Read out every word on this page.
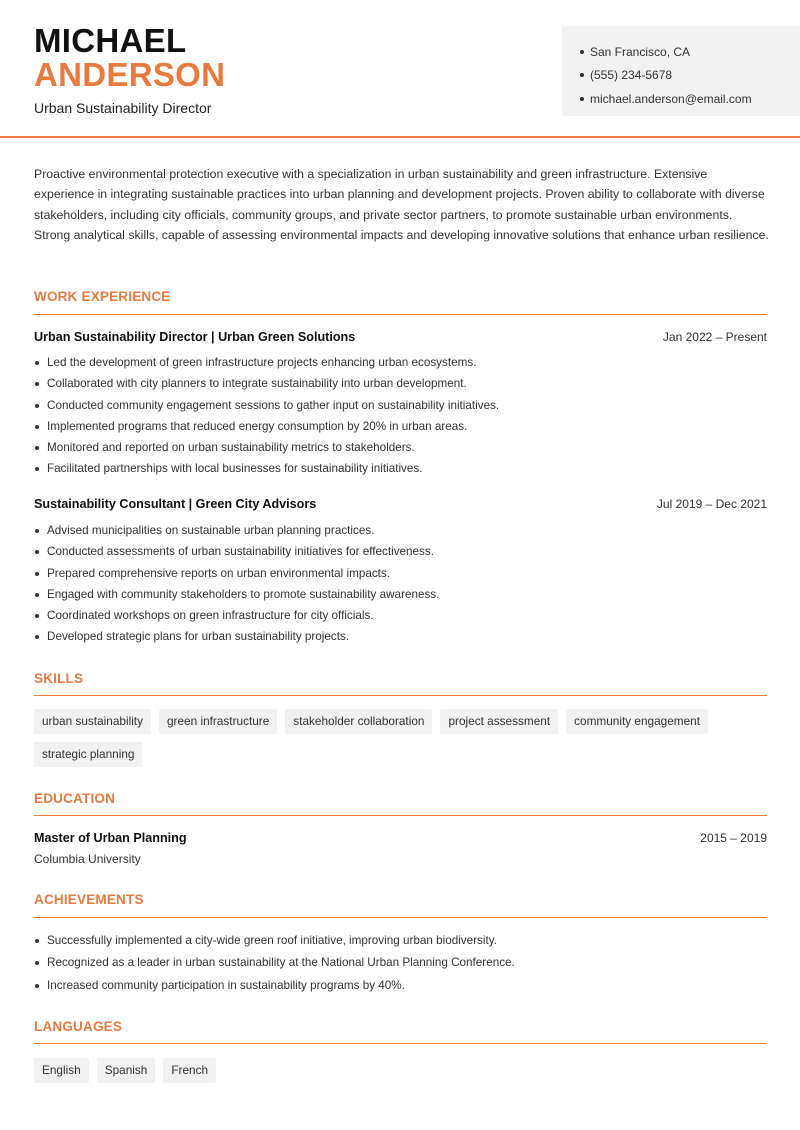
MICHAEL
ANDERSON
Urban Sustainability Director
San Francisco, CA
(555) 234-5678
michael.anderson@email.com
Proactive environmental protection executive with a specialization in urban sustainability and green infrastructure. Extensive experience in integrating sustainable practices into urban planning and development projects. Proven ability to collaborate with diverse stakeholders, including city officials, community groups, and private sector partners, to promote sustainable urban environments. Strong analytical skills, capable of assessing environmental impacts and developing innovative solutions that enhance urban resilience.
WORK EXPERIENCE
Urban Sustainability Director | Urban Green Solutions	Jan 2022 – Present
Led the development of green infrastructure projects enhancing urban ecosystems.
Collaborated with city planners to integrate sustainability into urban development.
Conducted community engagement sessions to gather input on sustainability initiatives.
Implemented programs that reduced energy consumption by 20% in urban areas.
Monitored and reported on urban sustainability metrics to stakeholders.
Facilitated partnerships with local businesses for sustainability initiatives.
Sustainability Consultant | Green City Advisors	Jul 2019 – Dec 2021
Advised municipalities on sustainable urban planning practices.
Conducted assessments of urban sustainability initiatives for effectiveness.
Prepared comprehensive reports on urban environmental impacts.
Engaged with community stakeholders to promote sustainability awareness.
Coordinated workshops on green infrastructure for city officials.
Developed strategic plans for urban sustainability projects.
SKILLS
urban sustainability	green infrastructure	stakeholder collaboration	project assessment	community engagement
strategic planning
EDUCATION
Master of Urban Planning	2015 – 2019
Columbia University
ACHIEVEMENTS
Successfully implemented a city-wide green roof initiative, improving urban biodiversity.
Recognized as a leader in urban sustainability at the National Urban Planning Conference.
Increased community participation in sustainability programs by 40%.
LANGUAGES
English	Spanish	French
